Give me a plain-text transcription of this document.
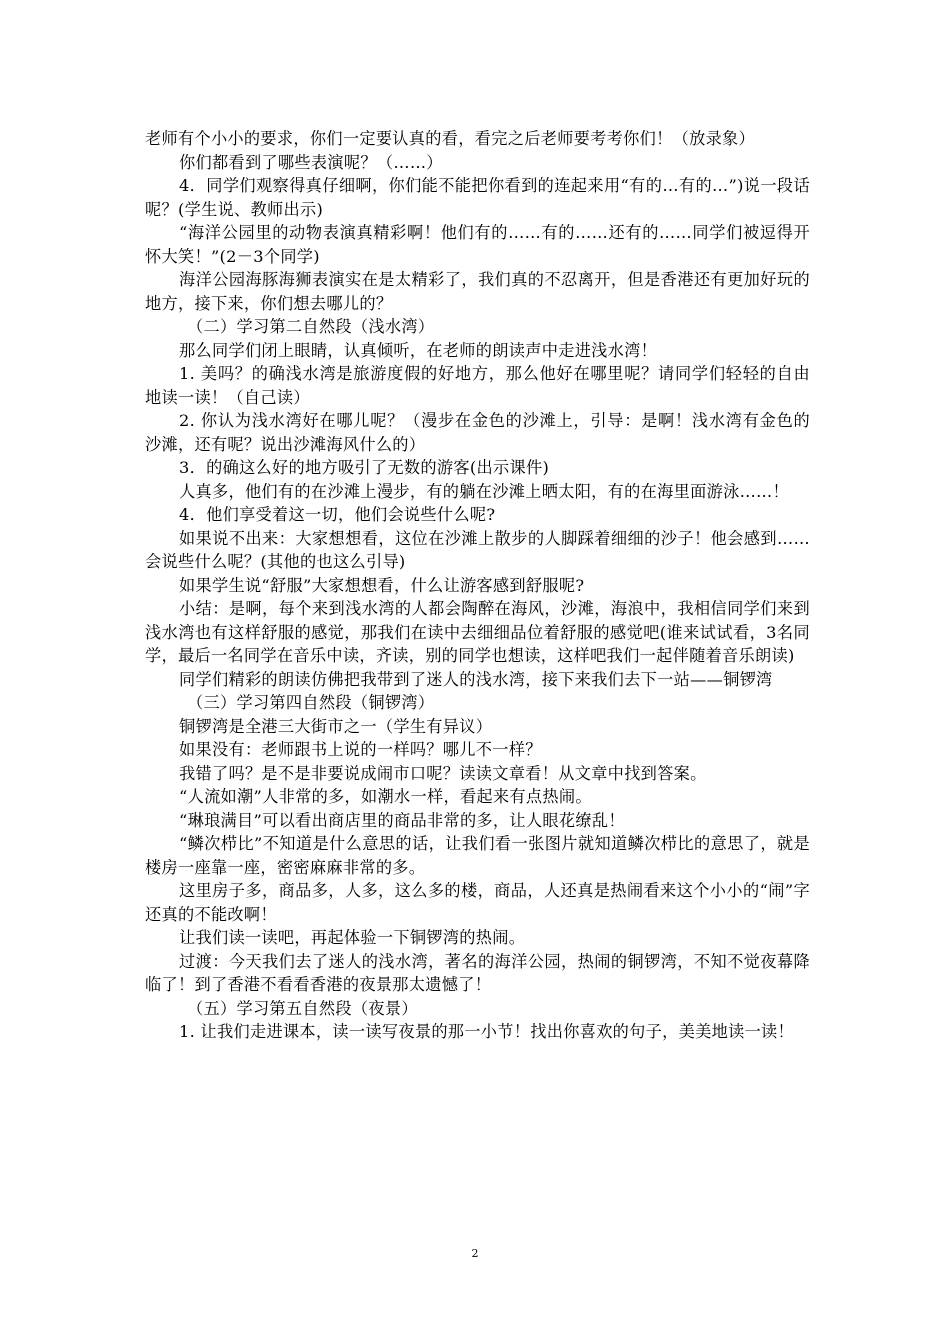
老师有个小小的要求，你们一定要认真的看，看完之后老师要考考你们！（放录象）

你们都看到了哪些表演呢？（……）

4．同学们观察得真仔细啊，你们能不能把你看到的连起来用“有的…有的…”)说一段话呢？(学生说、教师出示)

“海洋公园里的动物表演真精彩啊！他们有的……有的……还有的……同学们被逗得开怀大笑！”(2－3个同学)

海洋公园海豚海狮表演实在是太精彩了，我们真的不忍离开，但是香港还有更加好玩的地方，接下来，你们想去哪儿的？

（二）学习第二自然段（浅水湾）

那么同学们闭上眼睛，认真倾听，在老师的朗读声中走进浅水湾！

1. 美吗？的确浅水湾是旅游度假的好地方，那么他好在哪里呢？请同学们轻轻的自由地读一读！（自己读）

2. 你认为浅水湾好在哪儿呢？（漫步在金色的沙滩上，引导：是啊！浅水湾有金色的沙滩，还有呢？说出沙滩海风什么的）

3．的确这么好的地方吸引了无数的游客(出示课件)

人真多，他们有的在沙滩上漫步，有的躺在沙滩上晒太阳，有的在海里面游泳……！

4．他们享受着这一切，他们会说些什么呢?

如果说不出来：大家想想看，这位在沙滩上散步的人脚踩着细细的沙子！他会感到……会说些什么呢？(其他的也这么引导)

如果学生说“舒服”大家想想看，什么让游客感到舒服呢?

小结：是啊，每个来到浅水湾的人都会陶醉在海风，沙滩，海浪中，我相信同学们来到浅水湾也有这样舒服的感觉，那我们在读中去细细品位着舒服的感觉吧(谁来试试看，3名同学，最后一名同学在音乐中读，齐读，别的同学也想读，这样吧我们一起伴随着音乐朗读)

同学们精彩的朗读仿佛把我带到了迷人的浅水湾，接下来我们去下一站——铜锣湾

（三）学习第四自然段（铜锣湾）

铜锣湾是全港三大街市之一（学生有异议）

如果没有：老师跟书上说的一样吗？哪儿不一样？

我错了吗？是不是非要说成闹市口呢？读读文章看！从文章中找到答案。

“人流如潮”人非常的多，如潮水一样，看起来有点热闹。

“琳琅满目”可以看出商店里的商品非常的多，让人眼花缭乱！

“鳞次栉比”不知道是什么意思的话，让我们看一张图片就知道鳞次栉比的意思了，就是楼房一座靠一座，密密麻麻非常的多。

这里房子多，商品多，人多，这么多的楼，商品，人还真是热闹看来这个小小的“闹”字还真的不能改啊！

让我们读一读吧，再起体验一下铜锣湾的热闹。

过渡：今天我们去了迷人的浅水湾，著名的海洋公园，热闹的铜锣湾，不知不觉夜幕降临了！到了香港不看看香港的夜景那太遗憾了！

（五）学习第五自然段（夜景）

1. 让我们走进课本，读一读写夜景的那一小节！找出你喜欢的句子，美美地读一读！

2
